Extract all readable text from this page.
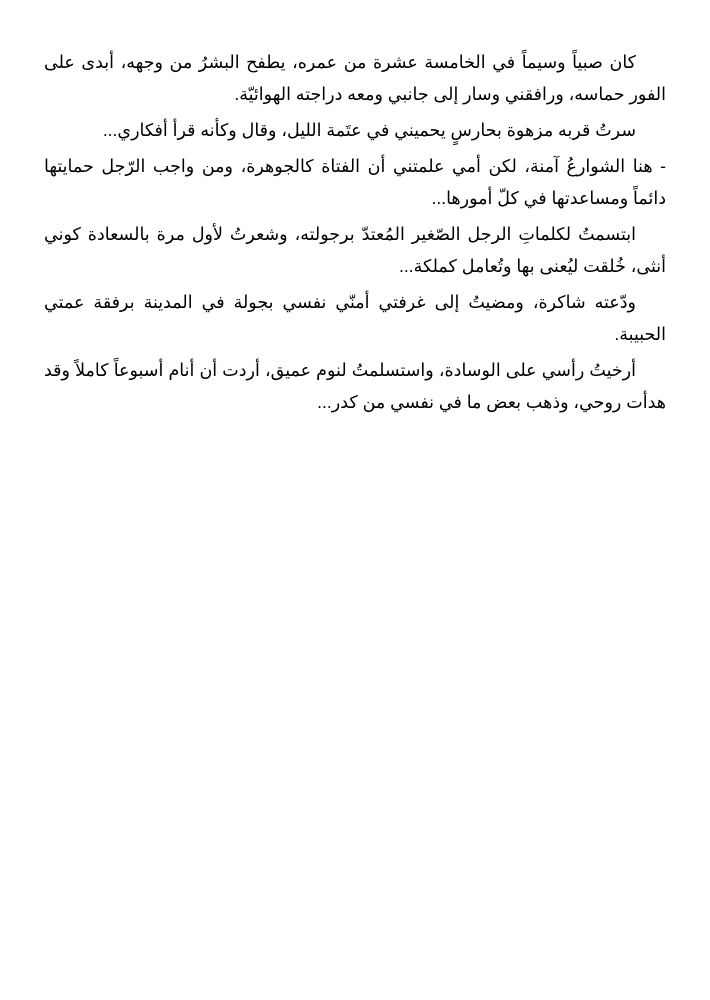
كان صبياً وسيماً في الخامسة عشرة من عمره، يطفح البشرُ من وجهه، أبدى على الفور حماسه، ورافقني وسار إلى جانبي ومعه دراجته الهوائيّة.

سرتُ قربه مزهوة بحارسٍ يحميني في عتَمة الليل، وقال وكأنه قرأ أفكاري...

- هنا الشوارعُ آمنة، لكن أمي علمتني أن الفتاة كالجوهرة، ومن واجب الرّجل حمايتها دائماً ومساعدتها في كلّ أمورها...

ابتسمتُ لكلماتِ الرجل الصّغير المُعتدّ برجولته، وشعرتُ لأول مرة بالسعادة كوني أنثى، خُلقت ليُعنى بها وتُعامل كملكة...

ودّعته شاكرة، ومضيتُ إلى غرفتي أمنّي نفسي بجولة في المدينة برفقة عمتي الحبيبة.

أرخيتُ رأسي على الوسادة، واستسلمتُ لنوم عميق، أردت أن أنام أسبوعاً كاملاً وقد هدأت روحي، وذهب بعض ما في نفسي من كدر...
